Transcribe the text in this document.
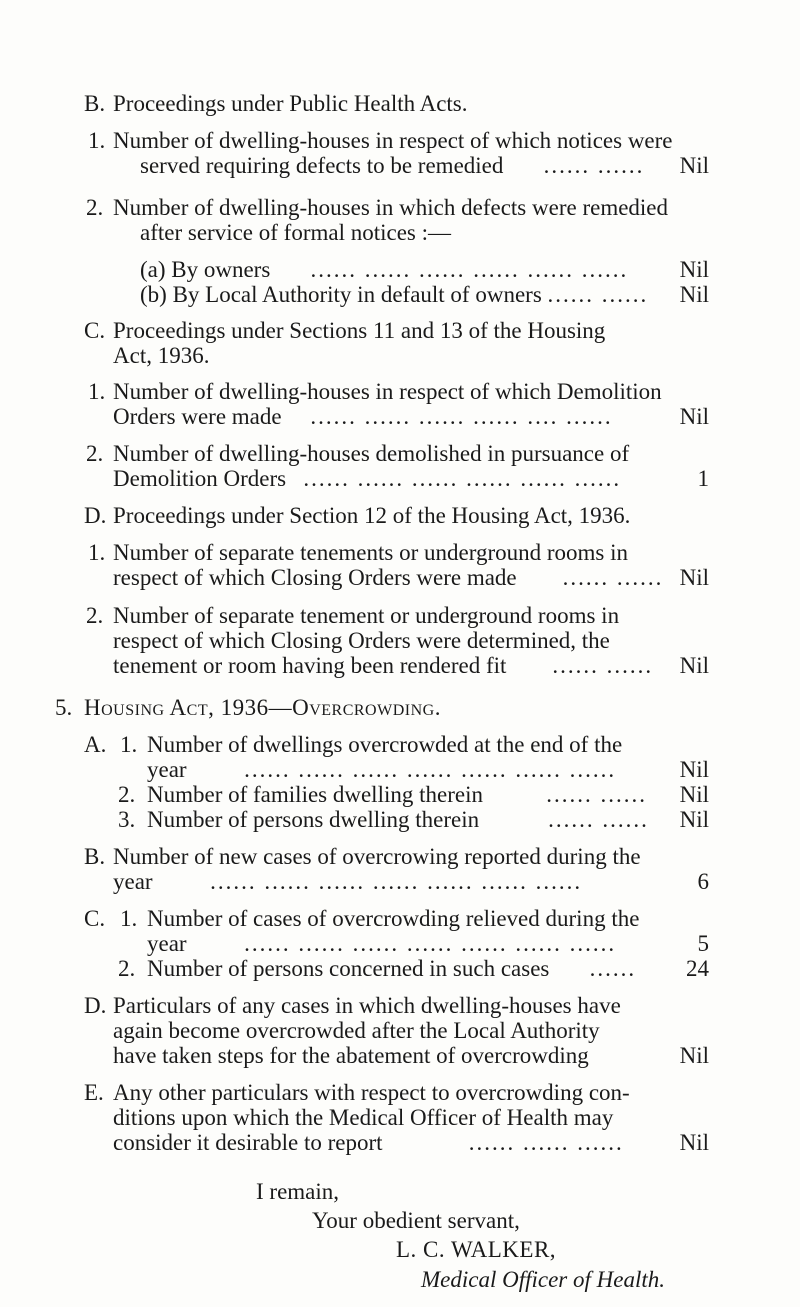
B. Proceedings under Public Health Acts.
1. Number of dwelling-houses in respect of which notices were
served requiring defects to be remedied ...... ...... Nil
2. Number of dwelling-houses in which defects were remedied
after service of formal notices :—
(a) By owners ...... ...... ...... ...... ...... ...... Nil
(b) By Local Authority in default of owners ...... ...... Nil
C. Proceedings under Sections 11 and 13 of the Housing
Act, 1936.
1. Number of dwelling-houses in respect of which Demolition
Orders were made ...... ...... ...... ...... .... ......	Nil
2. Number of dwelling-houses demolished in pursuance of
Demolition Orders ...... ...... ...... ...... ...... ......	1
D. Proceedings under Section 12 of the Housing Act, 1936.
1. Number of separate tenements or underground rooms in
respect of which Closing Orders were made ...... ...... Nil
2. Number of separate tenement or underground rooms in
respect of which Closing Orders were determined, the
tenement or room having been rendered fit ...... ...... Nil
5. Housing Act, 1936—Overcrowding.
A. 1. Number of dwellings overcrowded at the end of the
year	...... ...... ...... ...... ...... ...... ......	Nil
2. Number of families dwelling therein	...... ...... Nil
3. Number of persons dwelling therein	...... ...... Nil
B. Number of new cases of overcrowing reported during the
year	...... ...... ...... ...... ...... ...... ......	6
C. 1. Number of cases of overcrowding relieved during the
year	...... ...... ...... ...... ...... ...... ......	5
2. Number of persons concerned in such cases ...... 24
D. Particulars of any cases in which dwelling-houses have
again become overcrowded after the Local Authority
have taken steps for the abatement of overcrowding	Nil
E. Any other particulars with respect to overcrowding con-
ditions upon which the Medical Officer of Health may
consider it desirable to report	...... ...... ...... Nil
I remain,
Your obedient servant,
L. C. WALKER,
Medical Officer of Health.
